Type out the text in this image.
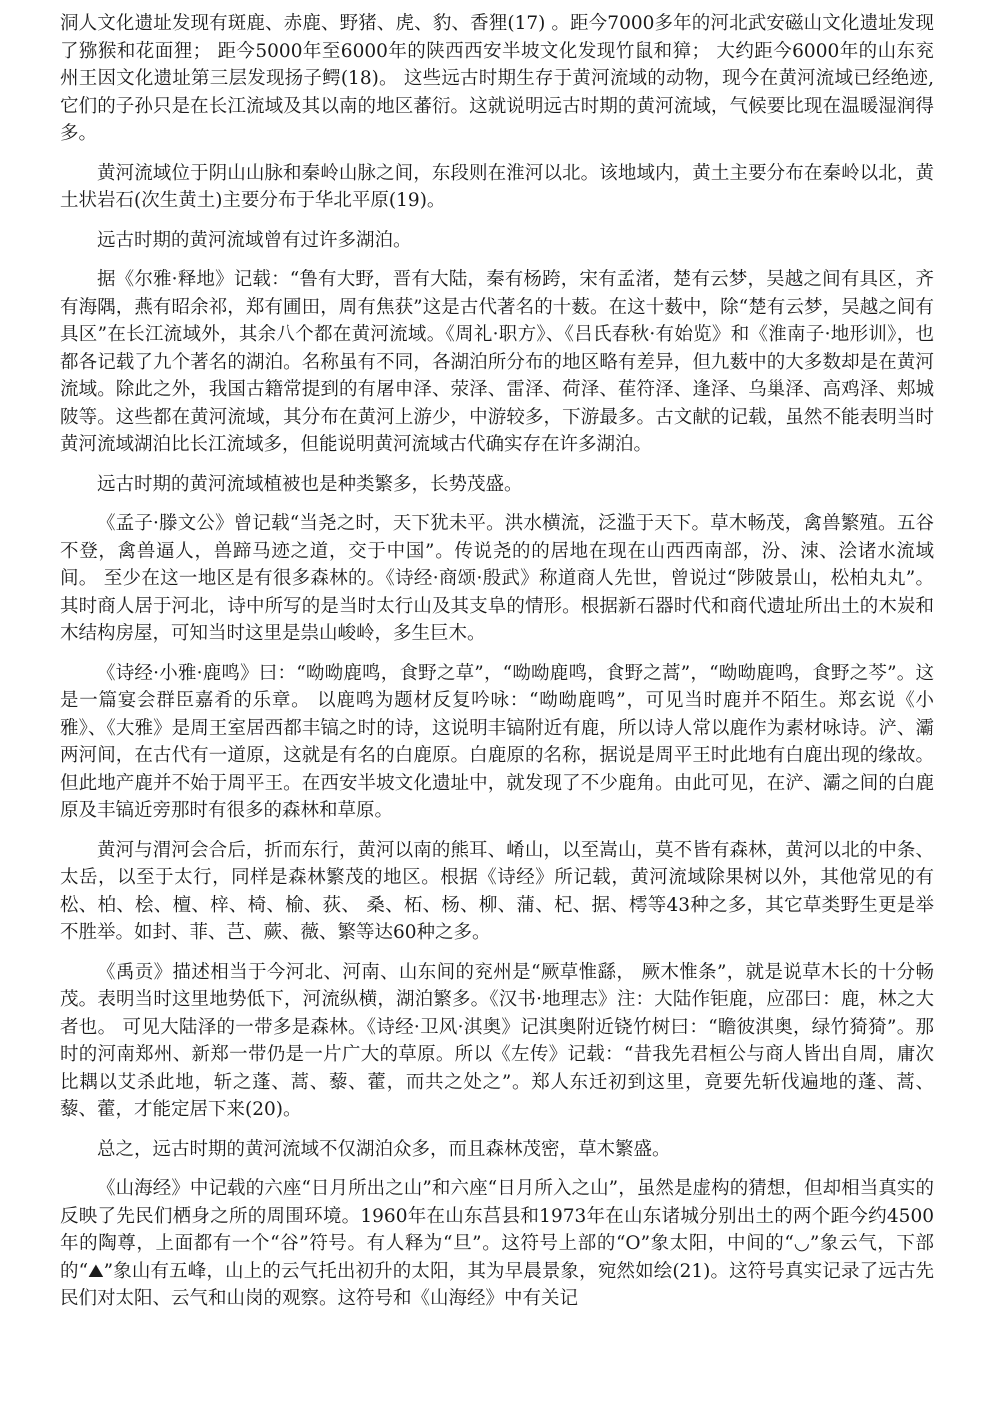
洞人文化遗址发现有斑鹿、赤鹿、野猪、虎、豹、香狸(17) 。距今7000多年的河北武安磁山文化遗址发现了猕猴和花面狸； 距今5000年至6000年的陕西西安半坡文化发现竹鼠和獐； 大约距今6000年的山东兖州王因文化遗址第三层发现扬子鳄(18)。 这些远古时期生存于黄河流域的动物，现今在黄河流域已经绝迹,它们的子孙只是在长江流域及其以南的地区蕃衍。这就说明远古时期的黄河流域，气候要比现在温暖湿润得多。

黄河流域位于阴山山脉和秦岭山脉之间，东段则在淮河以北。该地域内，黄土主要分布在秦岭以北，黄土状岩石(次生黄土)主要分布于华北平原(19)。

远古时期的黄河流域曾有过许多湖泊。

据《尔雅·释地》记载：“鲁有大野，晋有大陆，秦有杨跨，宋有孟渚，楚有云梦，吴越之间有具区，齐有海隅，燕有昭余祁，郑有圃田，周有焦获”这是古代著名的十薮。在这十薮中，除“楚有云梦，吴越之间有具区”在长江流域外，其余八个都在黄河流域。《周礼·职方》、《吕氏春秋·有始览》和《淮南子·地形训》，也都各记载了九个著名的湖泊。名称虽有不同，各湖泊所分布的地区略有差异，但九薮中的大多数却是在黄河流域。除此之外，我国古籍常提到的有屠申泽、荥泽、雷泽、荷泽、萑符泽、逢泽、乌巢泽、高鸡泽、郏城陂等。这些都在黄河流域，其分布在黄河上游少，中游较多，下游最多。古文献的记载，虽然不能表明当时黄河流域湖泊比长江流域多，但能说明黄河流域古代确实存在许多湖泊。

远古时期的黄河流域植被也是种类繁多，长势茂盛。

《孟子·滕文公》曾记载“当尧之时，天下犹未平。洪水横流，泛滥于天下。草木畅茂，禽兽繁殖。五谷不登，禽兽逼人，兽蹄马迹之道，交于中国”。传说尧的的居地在现在山西西南部，汾、涑、浍诸水流域间。 至少在这一地区是有很多森林的。《诗经·商颂·殷武》称道商人先世，曾说过“陟陂景山，松柏丸丸”。其时商人居于河北，诗中所写的是当时太行山及其支阜的情形。根据新石器时代和商代遗址所出土的木炭和木结构房屋，可知当时这里是祟山峻岭，多生巨木。

《诗经·小雅·鹿鸣》曰：“呦呦鹿鸣，食野之草”，“呦呦鹿鸣，食野之蒿”，“呦呦鹿鸣，食野之芩”。这是一篇宴会群臣嘉肴的乐章。 以鹿鸣为题材反复吟咏：“呦呦鹿鸣”，可见当时鹿并不陌生。郑玄说《小雅》、《大雅》是周王室居西都丰镐之时的诗，这说明丰镐附近有鹿，所以诗人常以鹿作为素材咏诗。浐、灞两河间，在古代有一道原，这就是有名的白鹿原。白鹿原的名称，据说是周平王时此地有白鹿出现的缘故。但此地产鹿并不始于周平王。在西安半坡文化遗址中，就发现了不少鹿角。由此可见，在浐、灞之间的白鹿原及丰镐近旁那时有很多的森林和草原。

黄河与渭河会合后，折而东行，黄河以南的熊耳、崤山，以至嵩山，莫不皆有森林，黄河以北的中条、太岳，以至于太行，同样是森林繁茂的地区。根据《诗经》所记载，黄河流域除果树以外，其他常见的有松、柏、桧、檀、梓、椅、榆、荻、 桑、柘、杨、柳、蒲、杞、据、樗等43种之多，其它草类野生更是举不胜举。如封、菲、芑、蕨、薇、繁等达60种之多。

《禹贡》描述相当于今河北、河南、山东间的兖州是“厥草惟繇， 厥木惟条”，就是说草木长的十分畅茂。表明当时这里地势低下，河流纵横，湖泊繁多。《汉书·地理志》注：大陆作钜鹿，应邵曰：鹿，林之大者也。 可见大陆泽的一带多是森林。《诗经·卫风·淇奥》记淇奥附近铙竹树曰：“瞻彼淇奥，绿竹猗猗”。那时的河南郑州、新郑一带仍是一片广大的草原。所以《左传》记载：“昔我先君桓公与商人皆出自周，庸次比耦以艾杀此地，斩之蓬、蒿、藜、藿，而共之处之”。郑人东迁初到这里，竟要先斩伐遍地的蓬、蒿、藜、藿，才能定居下来(20)。

总之，远古时期的黄河流域不仅湖泊众多，而且森林茂密，草木繁盛。

《山海经》中记载的六座“日月所出之山”和六座“日月所入之山”，虽然是虚构的猜想，但却相当真实的反映了先民们栖身之所的周围环境。1960年在山东莒县和1973年在山东诸城分别出土的两个距今约4500年的陶尊，上面都有一个“⾕”符号。有人释为“旦”。这符号上部的“O”象太阳，中间的“◡”象云气，下部的“⛰”象山有五峰，山上的云气托出初升的太阳，其为早晨景象，宛然如绘(21)。这符号真实记录了远古先民们对太阳、云气和山岗的观察。这符号和《山海经》中有关记
